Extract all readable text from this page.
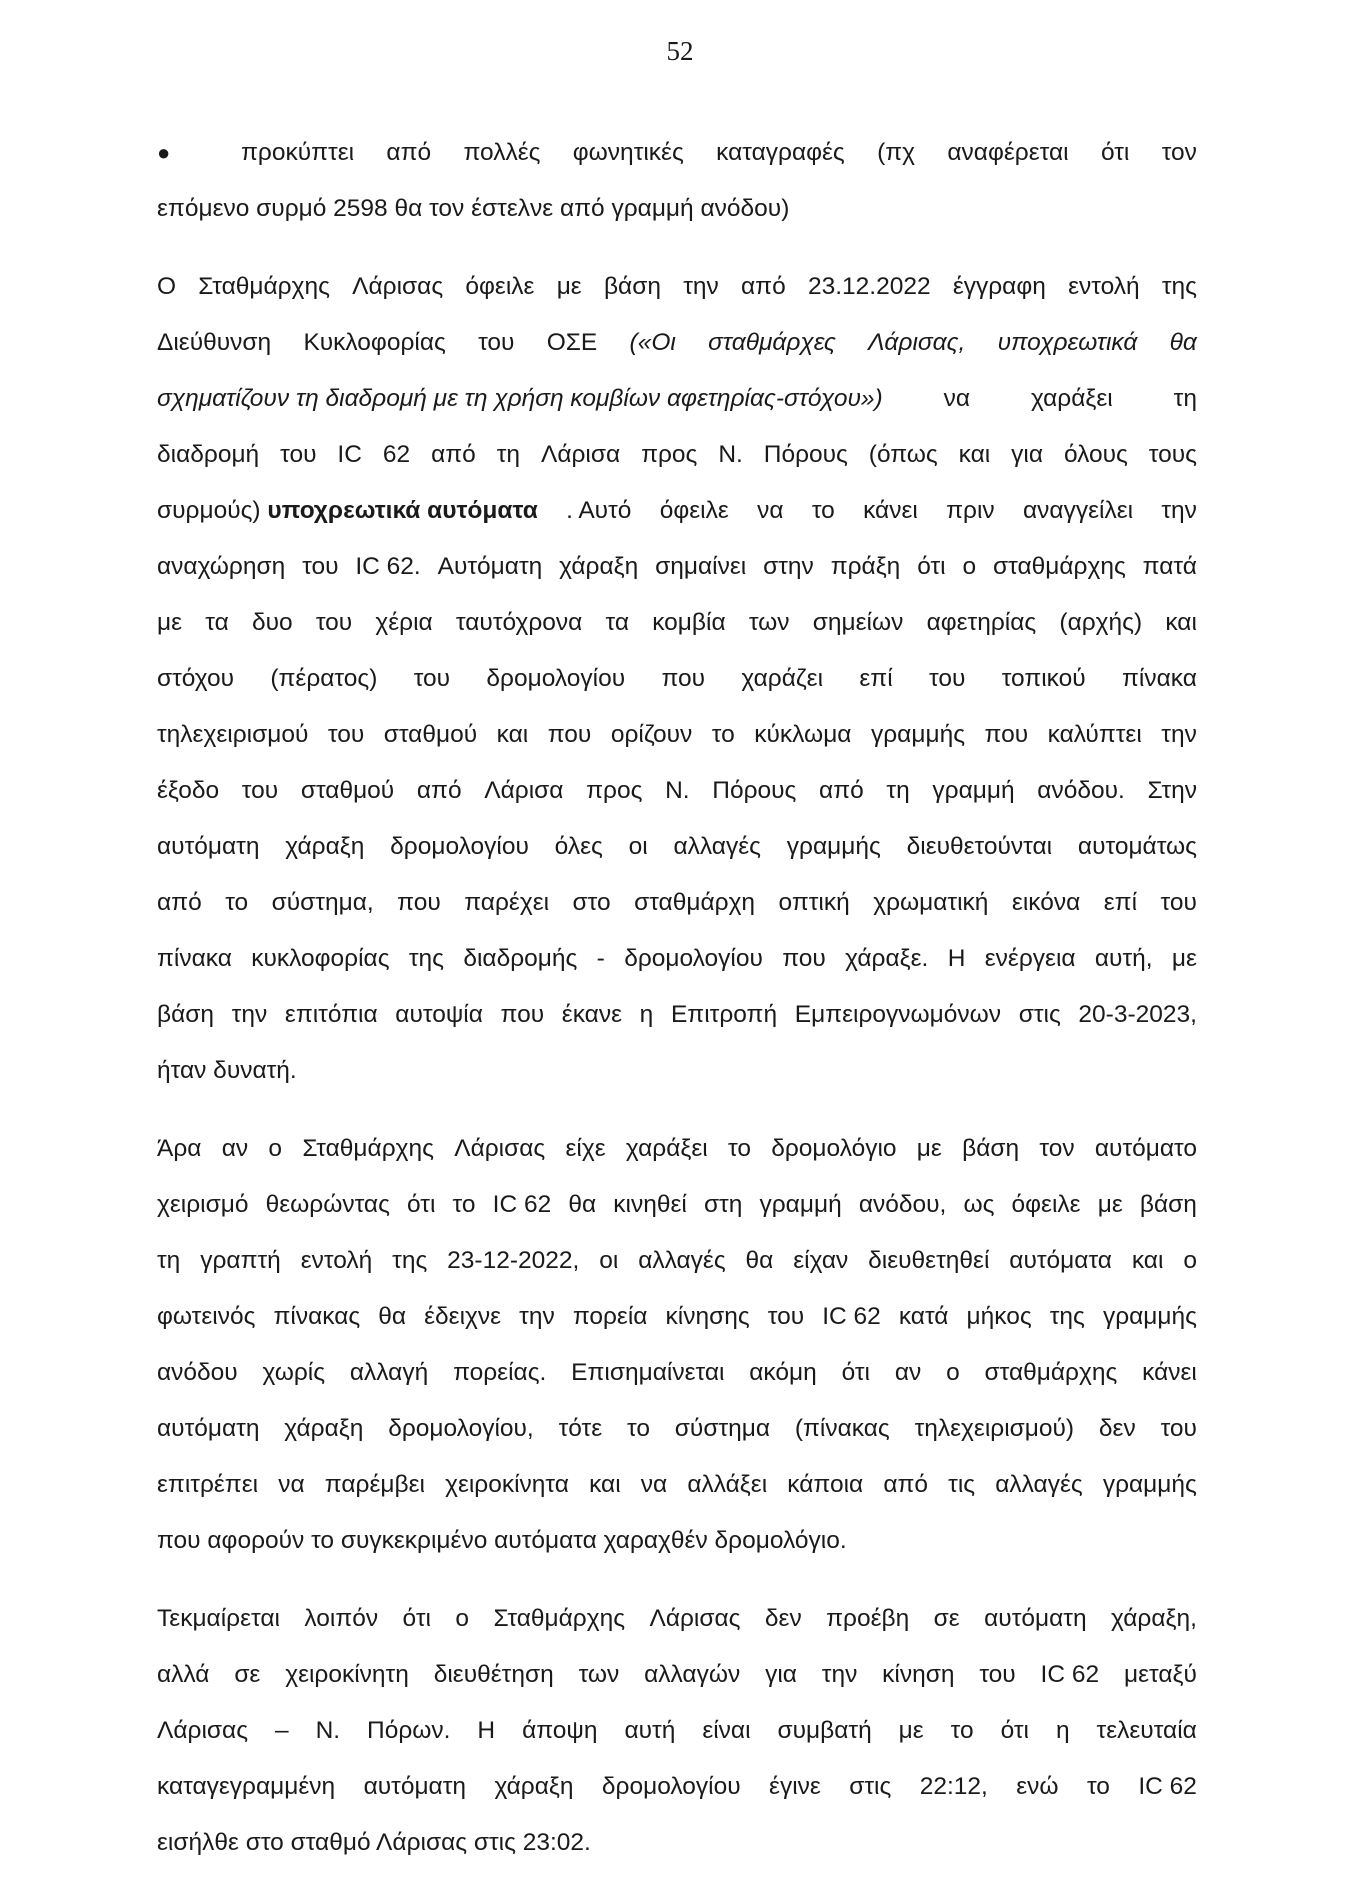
52
●	προκύπτει από πολλές φωνητικές καταγραφές (πχ αναφέρεται ότι τον
επόμενο συρμό 2598 θα τον έστελνε από γραμμή ανόδου)
Ο Σταθμάρχης Λάρισας όφειλε με βάση την από 23.12.2022 έγγραφη εντολή της
Διεύθυνση Κυκλοφορίας του ΟΣΕ («Οι σταθμάρχες Λάρισας, υποχρεωτικά θα
σχηματίζουν τη διαδρομή με τη χρήση κομβίων αφετηρίας-στόχου») να χαράξει τη
διαδρομή του IC 62 από τη Λάρισα προς Ν. Πόρους (όπως και για όλους τους
συρμούς) υποχρεωτικά αυτόματα . Αυτό όφειλε να το κάνει πριν αναγγείλει την
αναχώρηση του IC 62. Αυτόματη χάραξη σημαίνει στην πράξη ότι ο σταθμάρχης πατά
με τα δυο του χέρια ταυτόχρονα τα κομβία των σημείων αφετηρίας (αρχής) και
στόχου (πέρατος) του δρομολογίου που χαράζει επί του τοπικού πίνακα
τηλεχειρισμού του σταθμού και που ορίζουν το κύκλωμα γραμμής που καλύπτει την
έξοδο του σταθμού από Λάρισα προς Ν. Πόρους από τη γραμμή ανόδου. Στην
αυτόματη χάραξη δρομολογίου όλες οι αλλαγές γραμμής διευθετούνται αυτομάτως
από το σύστημα, που παρέχει στο σταθμάρχη οπτική χρωματική εικόνα επί του
πίνακα κυκλοφορίας της διαδρομής - δρομολογίου που χάραξε. Η ενέργεια αυτή, με
βάση την επιτόπια αυτοψία που έκανε η Επιτροπή Εμπειρογνωμόνων στις 20-3-2023,
ήταν δυνατή.
Άρα αν ο Σταθμάρχης Λάρισας είχε χαράξει το δρομολόγιο με βάση τον αυτόματο
χειρισμό θεωρώντας ότι το IC 62 θα κινηθεί στη γραμμή ανόδου, ως όφειλε με βάση
τη γραπτή εντολή της 23-12-2022, οι αλλαγές θα είχαν διευθετηθεί αυτόματα και ο
φωτεινός πίνακας θα έδειχνε την πορεία κίνησης του IC 62 κατά μήκος της γραμμής
ανόδου χωρίς αλλαγή πορείας. Επισημαίνεται ακόμη ότι αν ο σταθμάρχης κάνει
αυτόματη χάραξη δρομολογίου, τότε το σύστημα (πίνακας τηλεχειρισμού) δεν του
επιτρέπει να παρέμβει χειροκίνητα και να αλλάξει κάποια από τις αλλαγές γραμμής
που αφορούν το συγκεκριμένο αυτόματα χαραχθέν δρομολόγιο.
Τεκμαίρεται λοιπόν ότι ο Σταθμάρχης Λάρισας δεν προέβη σε αυτόματη χάραξη,
αλλά σε χειροκίνητη διευθέτηση των αλλαγών για την κίνηση του IC 62 μεταξύ
Λάρισας – Ν. Πόρων. Η άποψη αυτή είναι συμβατή με το ότι η τελευταία
καταγεγραμμένη αυτόματη χάραξη δρομολογίου έγινε στις 22:12, ενώ το IC 62
εισήλθε στο σταθμό Λάρισας στις 23:02.
